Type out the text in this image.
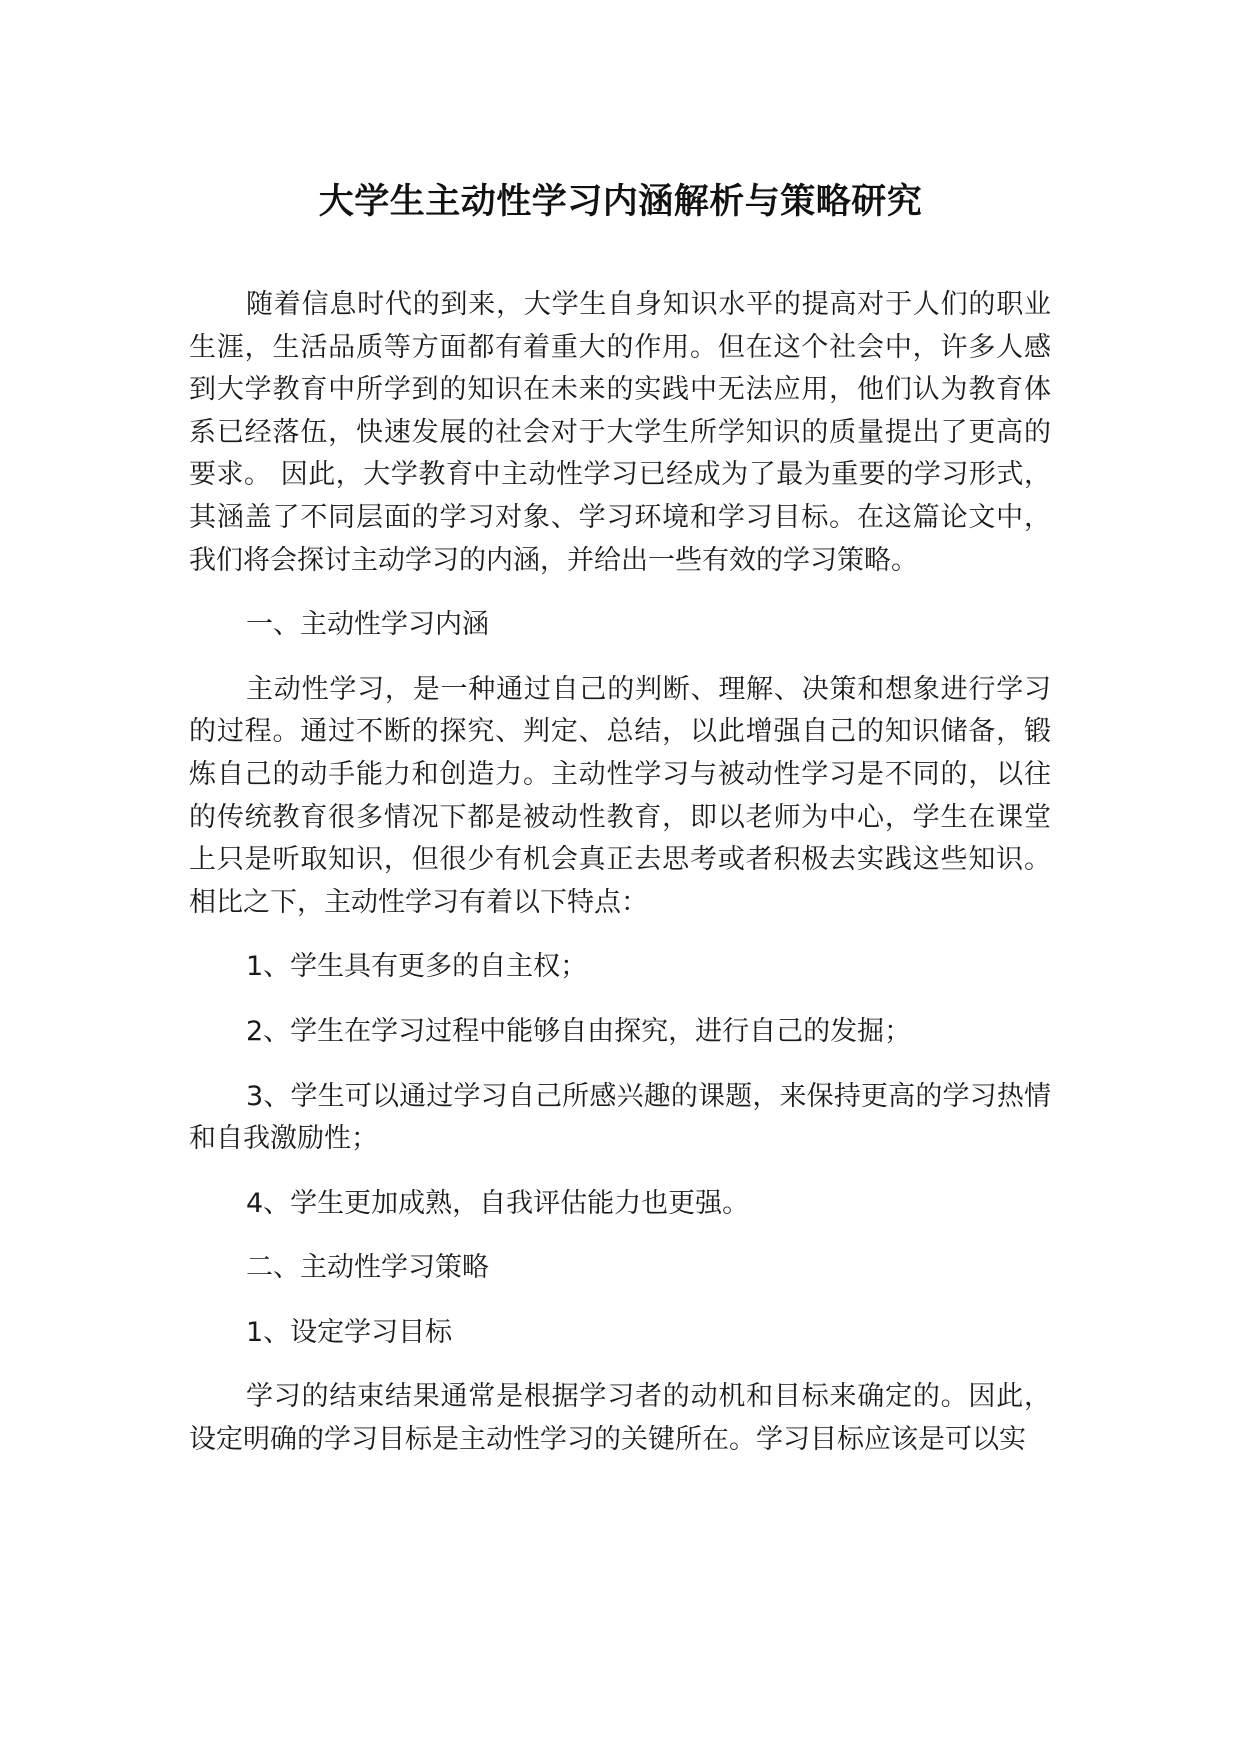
大学生主动性学习内涵解析与策略研究

随着信息时代的到来，大学生自身知识水平的提高对于人们的职业生涯，生活品质等方面都有着重大的作用。但在这个社会中，许多人感到大学教育中所学到的知识在未来的实践中无法应用，他们认为教育体系已经落伍，快速发展的社会对于大学生所学知识的质量提出了更高的要求。 因此，大学教育中主动性学习已经成为了最为重要的学习形式，其涵盖了不同层面的学习对象、学习环境和学习目标。在这篇论文中，我们将会探讨主动学习的内涵，并给出一些有效的学习策略。

一、主动性学习内涵

主动性学习，是一种通过自己的判断、理解、决策和想象进行学习的过程。通过不断的探究、判定、总结，以此增强自己的知识储备，锻炼自己的动手能力和创造力。主动性学习与被动性学习是不同的，以往的传统教育很多情况下都是被动性教育，即以老师为中心，学生在课堂上只是听取知识，但很少有机会真正去思考或者积极去实践这些知识。相比之下，主动性学习有着以下特点：

1、学生具有更多的自主权；

2、学生在学习过程中能够自由探究，进行自己的发掘；

3、学生可以通过学习自己所感兴趣的课题，来保持更高的学习热情和自我激励性；

4、学生更加成熟，自我评估能力也更强。

二、主动性学习策略

1、设定学习目标

学习的结束结果通常是根据学习者的动机和目标来确定的。因此，设定明确的学习目标是主动性学习的关键所在。学习目标应该是可以实
